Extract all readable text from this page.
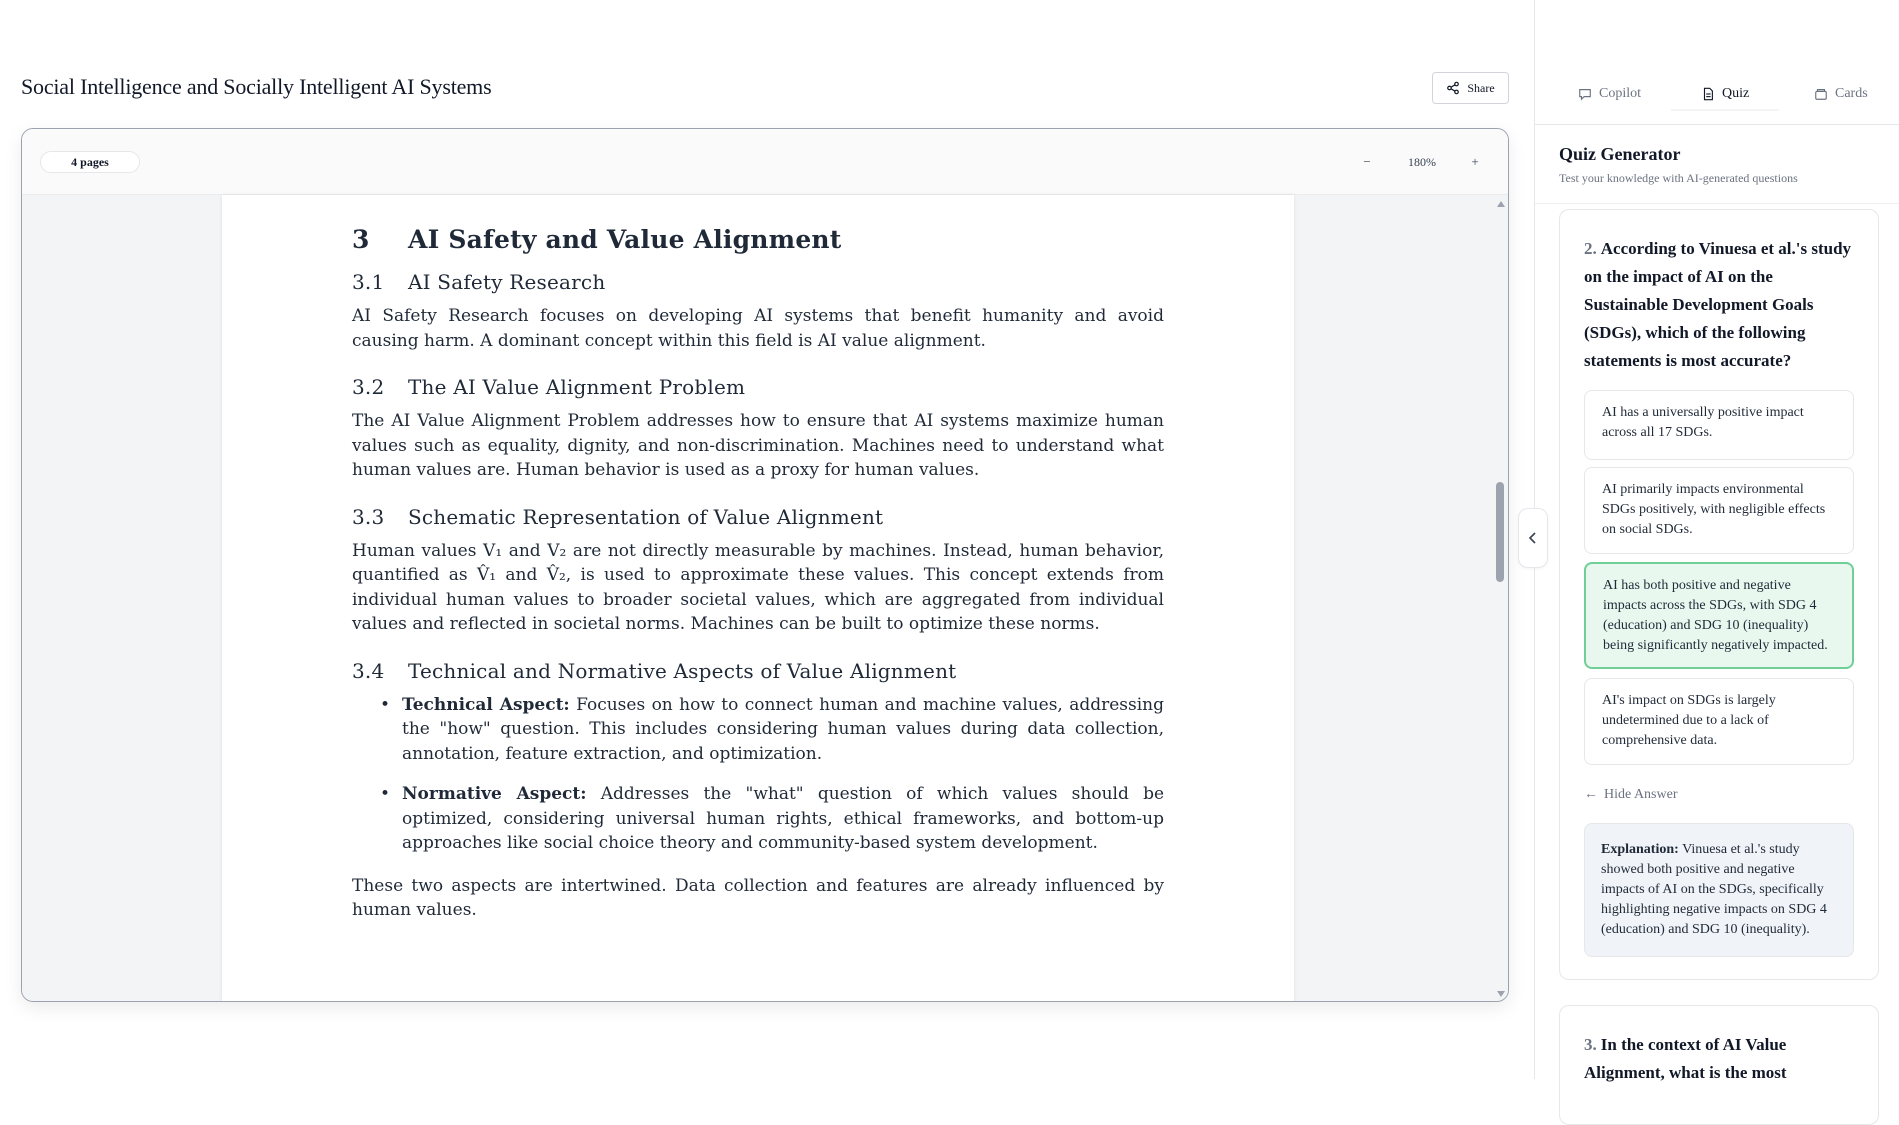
Social Intelligence and Socially Intelligent AI Systems	Share
4 pages	−	180%	+
3 AI Safety and Value Alignment
3.1 AI Safety Research

AI Safety Research focuses on developing AI systems that benefit humanity and avoid causing harm. A dominant concept within this field is AI value alignment.

3.2 The AI Value Alignment Problem

The AI Value Alignment Problem addresses how to ensure that AI systems maximize human values such as equality, dignity, and non-discrimination. Machines need to understand what human values are. Human behavior is used as a proxy for human values.

3.3 Schematic Representation of Value Alignment

Human values V₁ and V₂ are not directly measurable by machines. Instead, human behavior, quantified as V̂₁ and V̂₂, is used to approximate these values. This concept extends from individual human values to broader societal values, which are aggregated from individual values and reflected in societal norms. Machines can be built to optimize these norms.

3.4 Technical and Normative Aspects of Value Alignment
• Technical Aspect: Focuses on how to connect human and machine values, addressing the "how" question. This includes considering human values during data collection, annotation, feature extraction, and optimization.
• Normative Aspect: Addresses the "what" question of which values should be optimized, considering universal human rights, ethical frameworks, and bottom-up approaches like social choice theory and community-based system development.

These two aspects are intertwined. Data collection and features are already influenced by human values.

Copilot	Quiz	Cards
Quiz Generator
Test your knowledge with AI-generated questions
2. According to Vinuesa et al.'s study on the impact of AI on the Sustainable Development Goals (SDGs), which of the following statements is most accurate?
AI has a universally positive impact across all 17 SDGs.
AI primarily impacts environmental SDGs positively, with negligible effects on social SDGs.
AI has both positive and negative impacts across the SDGs, with SDG 4 (education) and SDG 10 (inequality) being significantly negatively impacted.
AI's impact on SDGs is largely undetermined due to a lack of comprehensive data.
← Hide Answer
Explanation: Vinuesa et al.'s study showed both positive and negative impacts of AI on the SDGs, specifically highlighting negative impacts on SDG 4 (education) and SDG 10 (inequality).
3. In the context of AI Value Alignment, what is the most
